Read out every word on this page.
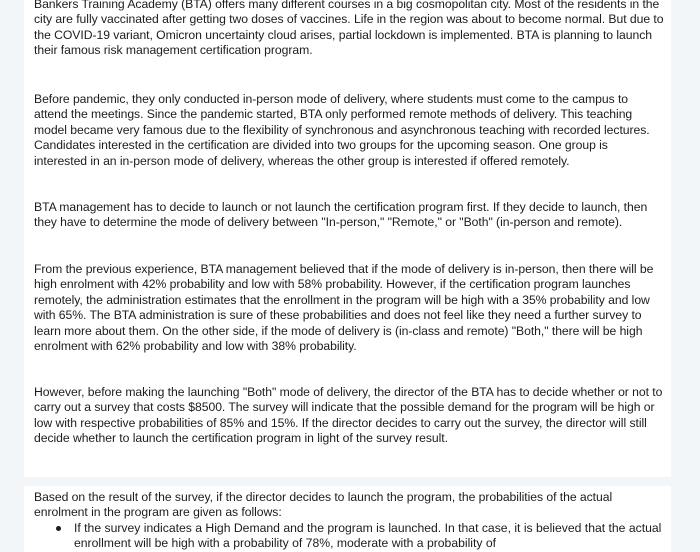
Bankers Training Academy (BTA) offers many different courses in a big cosmopolitan city. Most of the residents in the city are fully vaccinated after getting two doses of vaccines. Life in the region was about to become normal. But due to the COVID-19 variant, Omicron uncertainty cloud arises, partial lockdown is implemented. BTA is planning to launch their famous risk management certification program.

Before pandemic, they only conducted in-person mode of delivery, where students must come to the campus to attend the meetings. Since the pandemic started, BTA only performed remote methods of delivery. This teaching model became very famous due to the flexibility of synchronous and asynchronous teaching with recorded lectures. Candidates interested in the certification are divided into two groups for the upcoming season. One group is interested in an in-person mode of delivery, whereas the other group is interested if offered remotely.

BTA management has to decide to launch or not launch the certification program first. If they decide to launch, then they have to determine the mode of delivery between "In-person," "Remote," or "Both" (in-person and remote).

From the previous experience, BTA management believed that if the mode of delivery is in-person, then there will be high enrolment with 42% probability and low with 58% probability. However, if the certification program launches remotely, the administration estimates that the enrollment in the program will be high with a 35% probability and low with 65%. The BTA administration is sure of these probabilities and does not feel like they need a further survey to learn more about them. On the other side, if the mode of delivery is (in-class and remote) "Both," there will be high enrolment with 62% probability and low with 38% probability.

However, before making the launching "Both" mode of delivery, the director of the BTA has to decide whether or not to carry out a survey that costs $8500. The survey will indicate that the possible demand for the program will be high or low with respective probabilities of 85% and 15%. If the director decides to carry out the survey, the director will still decide whether to launch the certification program in light of the survey result.

Based on the result of the survey, if the director decides to launch the program, the probabilities of the actual enrolment in the program are given as follows:

If the survey indicates a High Demand and the program is launched. In that case, it is believed that the actual enrollment will be high with a probability of 78%, moderate with a probability of
